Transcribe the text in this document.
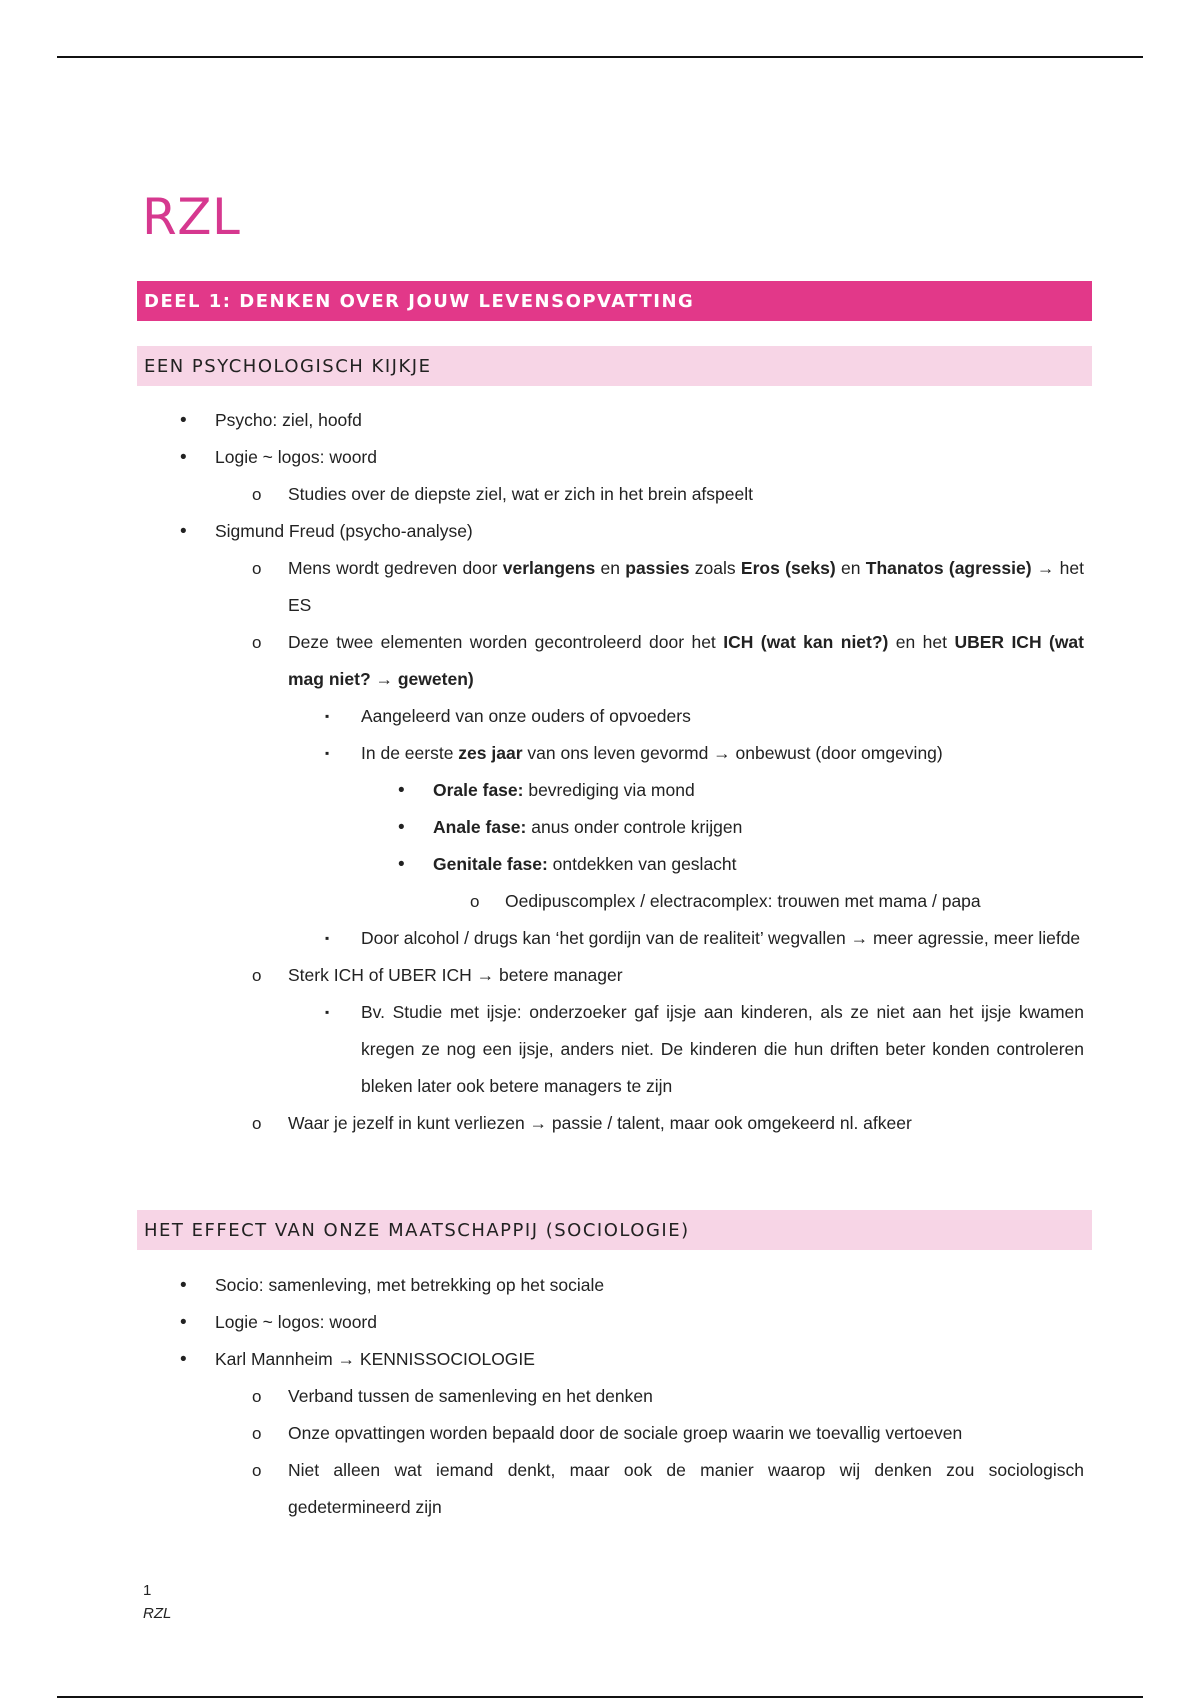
RZL
DEEL 1: DENKEN OVER JOUW LEVENSOPVATTING
EEN PSYCHOLOGISCH KIJKJE
• Psycho: ziel, hoofd
• Logie ~ logos: woord
o Studies over de diepste ziel, wat er zich in het brein afspeelt
• Sigmund Freud (psycho-analyse)
o Mens wordt gedreven door verlangens en passies zoals Eros (seks) en Thanatos (agressie) → het ES
o Deze twee elementen worden gecontroleerd door het ICH (wat kan niet?) en het UBER ICH (wat mag niet? → geweten)
▪ Aangeleerd van onze ouders of opvoeders
▪ In de eerste zes jaar van ons leven gevormd → onbewust (door omgeving)
• Orale fase: bevrediging via mond
• Anale fase: anus onder controle krijgen
• Genitale fase: ontdekken van geslacht
o Oedipuscomplex / electracomplex: trouwen met mama / papa
▪ Door alcohol / drugs kan ‘het gordijn van de realiteit’ wegvallen → meer agressie, meer liefde
o Sterk ICH of UBER ICH → betere manager
▪ Bv. Studie met ijsje: onderzoeker gaf ijsje aan kinderen, als ze niet aan het ijsje kwamen kregen ze nog een ijsje, anders niet. De kinderen die hun driften beter konden controleren bleken later ook betere managers te zijn
o Waar je jezelf in kunt verliezen → passie / talent, maar ook omgekeerd nl. afkeer
HET EFFECT VAN ONZE MAATSCHAPPIJ (SOCIOLOGIE)
• Socio: samenleving, met betrekking op het sociale
• Logie ~ logos: woord
• Karl Mannheim → KENNISSOCIOLOGIE
o Verband tussen de samenleving en het denken
o Onze opvattingen worden bepaald door de sociale groep waarin we toevallig vertoeven
o Niet alleen wat iemand denkt, maar ook de manier waarop wij denken zou sociologisch gedetermineerd zijn
1
RZL
